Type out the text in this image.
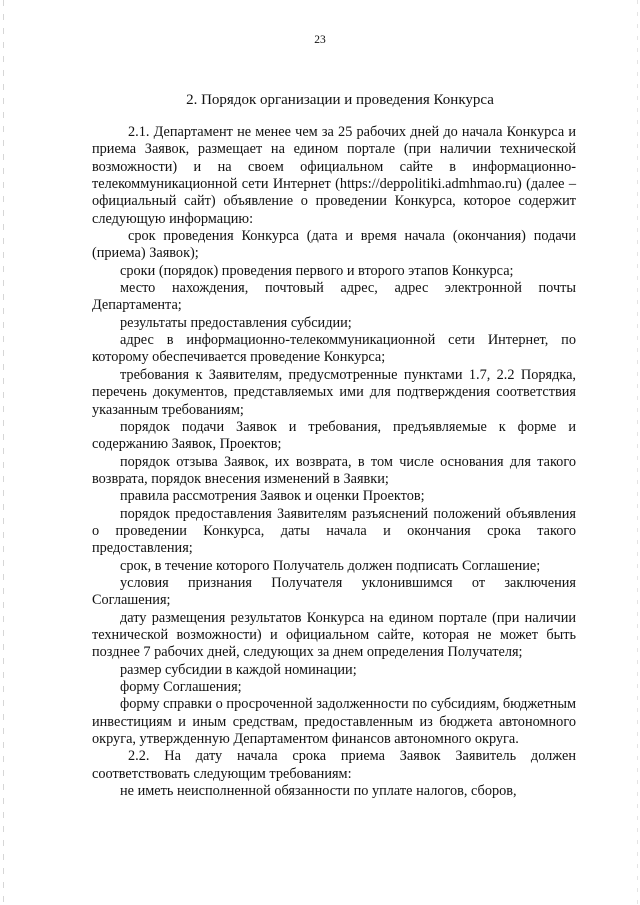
23
2. Порядок организации и проведения Конкурса

2.1. Департамент не менее чем за 25 рабочих дней до начала Конкурса и приема Заявок, размещает на едином портале (при наличии технической возможности) и на своем официальном сайте в информационно-телекоммуникационной сети Интернет (https://deppolitiki.admhmao.ru) (далее – официальный сайт) объявление о проведении Конкурса, которое содержит следующую информацию:

срок проведения Конкурса (дата и время начала (окончания) подачи (приема) Заявок);

сроки (порядок) проведения первого и второго этапов Конкурса;

место нахождения, почтовый адрес, адрес электронной почты Департамента;

результаты предоставления субсидии;

адрес в информационно-телекоммуникационной сети Интернет, по которому обеспечивается проведение Конкурса;

требования к Заявителям, предусмотренные пунктами 1.7, 2.2 Порядка, перечень документов, представляемых ими для подтверждения соответствия указанным требованиям;

порядок подачи Заявок и требования, предъявляемые к форме и содержанию Заявок, Проектов;

порядок отзыва Заявок, их возврата, в том числе основания для такого возврата, порядок внесения изменений в Заявки;

правила рассмотрения Заявок и оценки Проектов;

порядок предоставления Заявителям разъяснений положений объявления о проведении Конкурса, даты начала и окончания срока такого предоставления;

срок, в течение которого Получатель должен подписать Соглашение;

условия признания Получателя уклонившимся от заключения Соглашения;

дату размещения результатов Конкурса на едином портале (при наличии технической возможности) и официальном сайте, которая не может быть позднее 7 рабочих дней, следующих за днем определения Получателя;

размер субсидии в каждой номинации;

форму Соглашения;

форму справки о просроченной задолженности по субсидиям, бюджетным инвестициям и иным средствам, предоставленным из бюджета автономного округа, утвержденную Департаментом финансов автономного округа.

2.2. На дату начала срока приема Заявок Заявитель должен соответствовать следующим требованиям:

не иметь неисполненной обязанности по уплате налогов, сборов,
